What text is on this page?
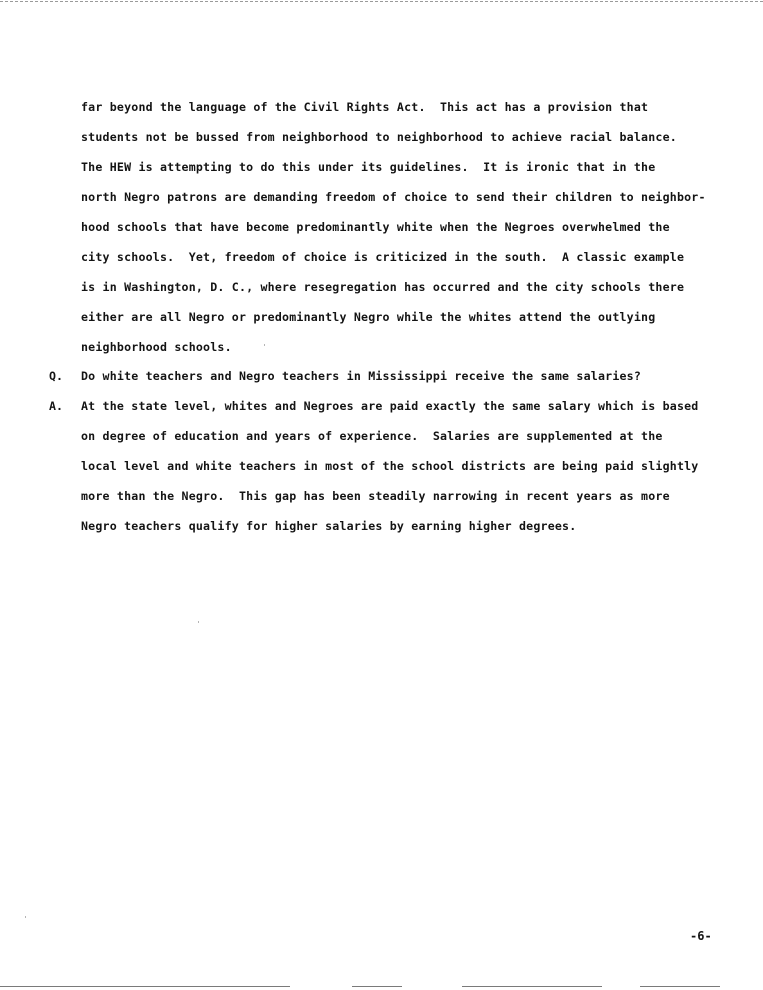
far beyond the language of the Civil Rights Act.  This act has a provision that

students not be bussed from neighborhood to neighborhood to achieve racial balance.

The HEW is attempting to do this under its guidelines.  It is ironic that in the

north Negro patrons are demanding freedom of choice to send their children to neighbor-

hood schools that have become predominantly white when the Negroes overwhelmed the

city schools.  Yet, freedom of choice is criticized in the south.  A classic example

is in Washington, D. C., where resegregation has occurred and the city schools there

either are all Negro or predominantly Negro while the whites attend the outlying

neighborhood schools.

Q. Do white teachers and Negro teachers in Mississippi receive the same salaries?

A. At the state level, whites and Negroes are paid exactly the same salary which is based

on degree of education and years of experience.  Salaries are supplemented at the

local level and white teachers in most of the school districts are being paid slightly

more than the Negro.  This gap has been steadily narrowing in recent years as more

Negro teachers qualify for higher salaries by earning higher degrees.

-6-
